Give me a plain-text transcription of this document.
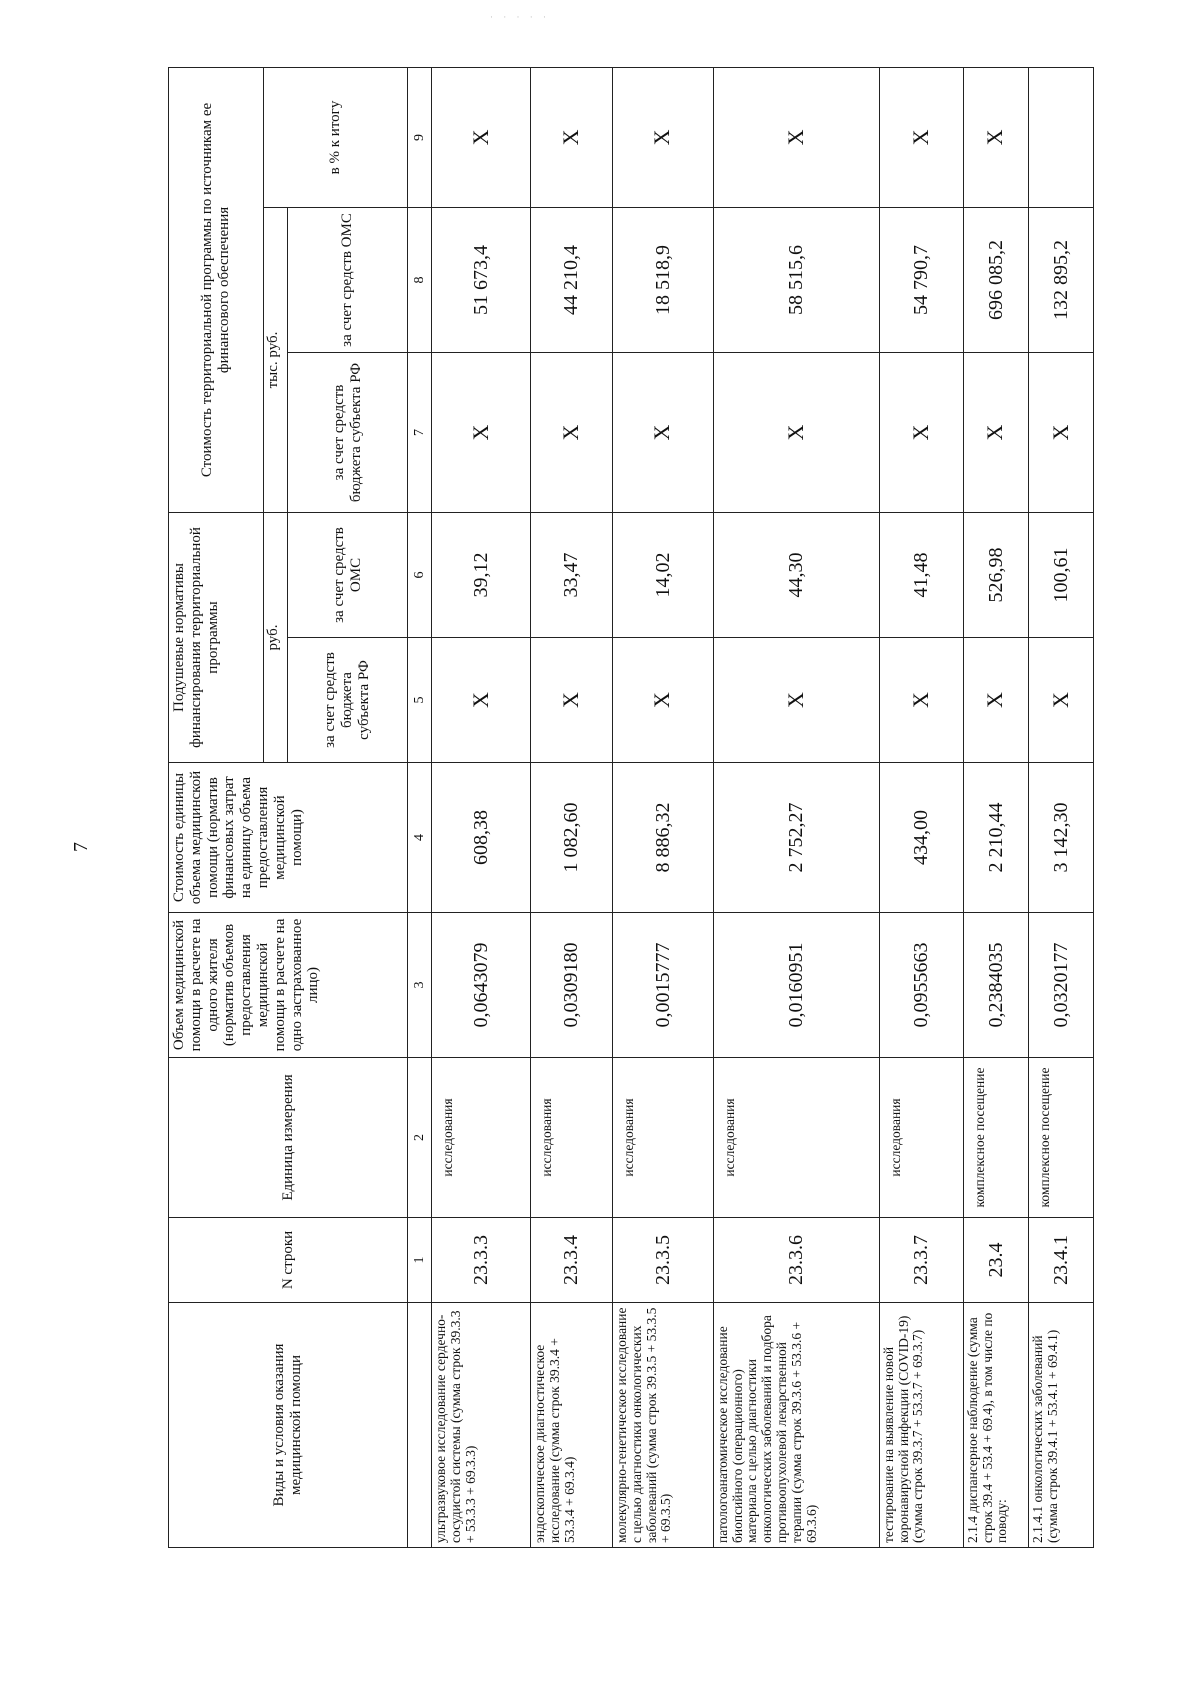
· · · · ·
7
Виды и условия оказания медицинской помощи	N строки	Единица измерения	Объем медицинской помощи в расчете на одного жителя (норматив объемов предоставления медицинской помощи в расчете на одно застрахованное лицо)	Стоимость единицы объема медицинской помощи (норматив финансовых затрат на единицу объема предоставления медицинской помощи)	Подушевые нормативы финансирования территориальной программы		Стоимость территориальной программы по источникам ее финансового обеспечения		
					руб.		тыс. руб.		в % к итогу
					за счет средств бюджета субъекта РФ	за счет средств ОМС	за счет средств бюджета субъекта РФ	за счет средств ОМС	
	1	2	3	4	5	6	7	8	9
ультразвуковое исследование сердечно-сосудистой системы (сумма строк 39.3.3 + 53.3.3 + 69.3.3)	23.3.3	исследования	0,0643079	608,38	X	39,12	X	51 673,4	X
эндоскопическое диагностическое исследование (сумма строк 39.3.4 + 53.3.4 + 69.3.4)	23.3.4	исследования	0,0309180	1 082,60	X	33,47	X	44 210,4	X
молекулярно-генетическое исследование с целью диагностики онкологических заболеваний (сумма строк 39.3.5 + 53.3.5 + 69.3.5)	23.3.5	исследования	0,0015777	8 886,32	X	14,02	X	18 518,9	X
патологоанатомическое исследование биопсийного (операционного) материала с целью диагностики онкологических заболеваний и подбора противоопухолевой лекарственной терапии (сумма строк 39.3.6 + 53.3.6 + 69.3.6)	23.3.6	исследования	0,0160951	2 752,27	X	44,30	X	58 515,6	X
тестирование на выявление новой коронавирусной инфекции (COVID-19) (сумма строк 39.3.7 + 53.3.7 + 69.3.7)	23.3.7	исследования	0,0955663	434,00	X	41,48	X	54 790,7	X
2.1.4 диспансерное наблюдение (сумма строк 39.4 + 53.4 + 69.4), в том числе по поводу:	23.4	комплексное посещение	0,2384035	2 210,44	X	526,98	X	696 085,2	X
2.1.4.1 онкологических заболеваний (сумма строк 39.4.1 + 53.4.1 + 69.4.1)	23.4.1	комплексное посещение	0,0320177	3 142,30	X	100,61	X	132 895,2	
